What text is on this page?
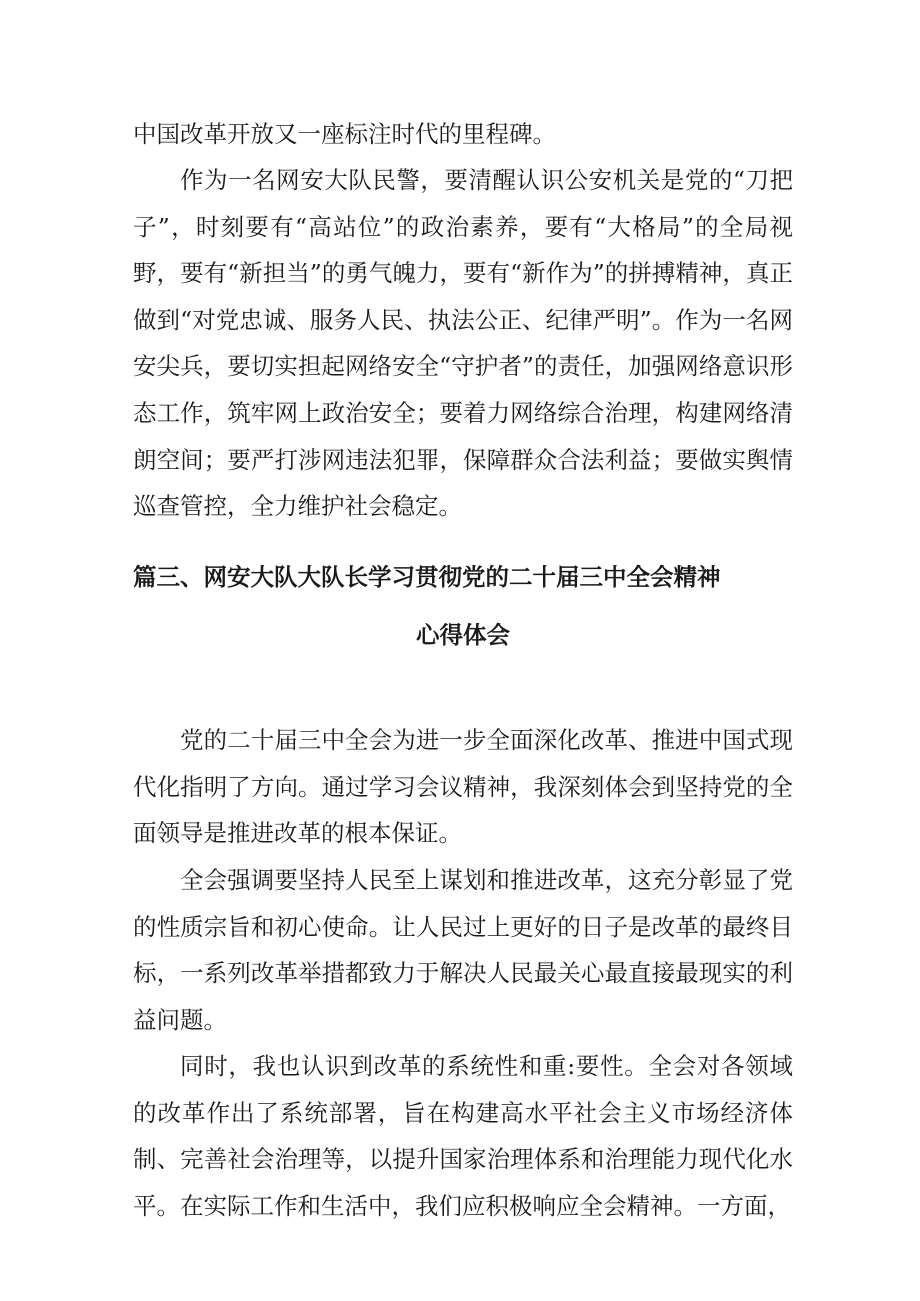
中国改革开放又一座标注时代的里程碑。

作为一名网安大队民警，要清醒认识公安机关是党的“刀把子”，时刻要有“高站位”的政治素养，要有“大格局”的全局视野，要有“新担当”的勇气魄力，要有“新作为”的拼搏精神，真正做到“对党忠诚、服务人民、执法公正、纪律严明”。作为一名网安尖兵，要切实担起网络安全“守护者”的责任，加强网络意识形态工作，筑牢网上政治安全；要着力网络综合治理，构建网络清朗空间；要严打涉网违法犯罪，保障群众合法利益；要做实舆情巡查管控，全力维护社会稳定。

篇三、网安大队大队长学习贯彻党的二十届三中全会精神
心得体会

党的二十届三中全会为进一步全面深化改革、推进中国式现代化指明了方向。通过学习会议精神，我深刻体会到坚持党的全面领导是推进改革的根本保证。

全会强调要坚持人民至上谋划和推进改革，这充分彰显了党的性质宗旨和初心使命。让人民过上更好的日子是改革的最终目标，一系列改革举措都致力于解决人民最关心最直接最现实的利益问题。

同时，我也认识到改革的系统性和重:要性。全会对各领域的改革作出了系统部署，旨在构建高水平社会主义市场经济体制、完善社会治理等，以提升国家治理体系和治理能力现代化水平。 在实际工作和生活中，我们应积极响应全会精神。一方面，
